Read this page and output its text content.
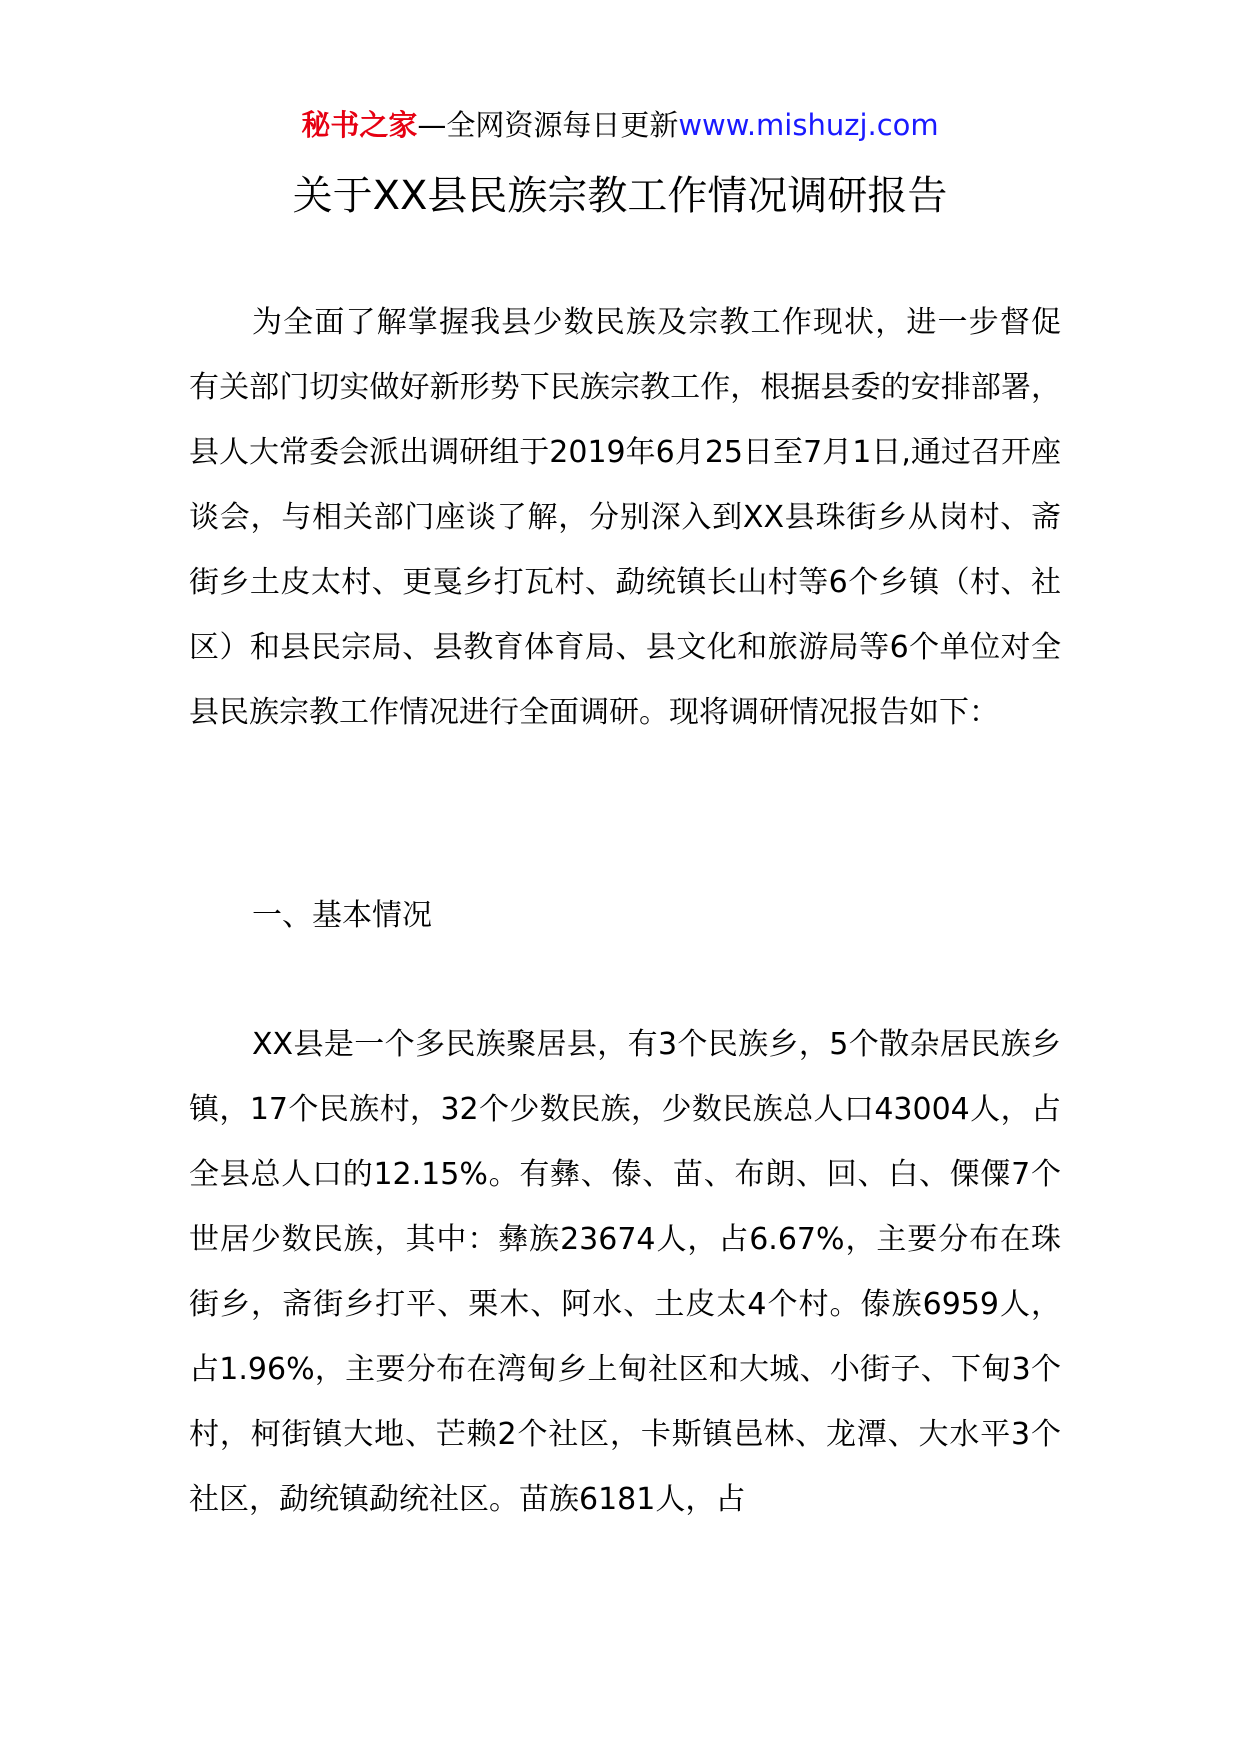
秘书之家—全网资源每日更新www.mishuzj.com
关于XX县民族宗教工作情况调研报告

为全面了解掌握我县少数民族及宗教工作现状，进一步督促有关部门切实做好新形势下民族宗教工作，根据县委的安排部署，县人大常委会派出调研组于2019年6月25日至7月1日,通过召开座谈会，与相关部门座谈了解，分别深入到XX县珠街乡从岗村、斋街乡土皮太村、更戛乡打瓦村、勐统镇长山村等6个乡镇（村、社区）和县民宗局、县教育体育局、县文化和旅游局等6个单位对全县民族宗教工作情况进行全面调研。现将调研情况报告如下：

一、基本情况

XX县是一个多民族聚居县，有3个民族乡，5个散杂居民族乡镇，17个民族村，32个少数民族，少数民族总人口43004人，占全县总人口的12.15%。有彝、傣、苗、布朗、回、白、傈僳7个世居少数民族，其中：彝族23674人，占6.67%，主要分布在珠街乡，斋街乡打平、栗木、阿水、土皮太4个村。傣族6959人，占1.96%，主要分布在湾甸乡上甸社区和大城、小街子、下甸3个村，柯街镇大地、芒赖2个社区，卡斯镇邑林、龙潭、大水平3个社区，勐统镇勐统社区。苗族6181人，占
